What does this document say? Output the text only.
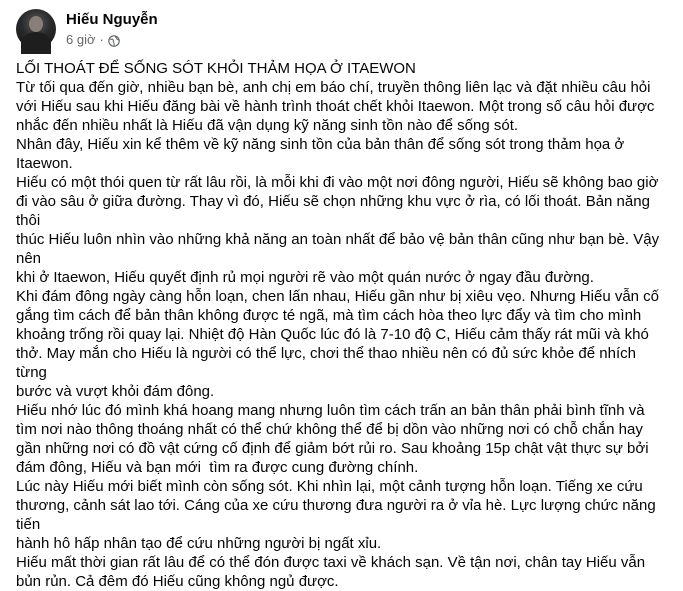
Hiếu Nguyễn
6 giờ ·

LỐI THOÁT ĐỂ SỐNG SÓT KHỎI THẢM HỌA Ở ITAEWON

Từ tối qua đến giờ, nhiều bạn bè, anh chị em báo chí, truyền thông liên lạc và đặt nhiều câu hỏi
với Hiếu sau khi Hiếu đăng bài về hành trình thoát chết khỏi Itaewon. Một trong số câu hỏi được
nhắc đến nhiều nhất là Hiếu đã vận dụng kỹ năng sinh tồn nào để sống sót.

Nhân đây, Hiếu xin kể thêm về kỹ năng sinh tồn của bản thân để sống sót trong thảm họa ở
Itaewon.

Hiếu có một thói quen từ rất lâu rồi, là mỗi khi đi vào một nơi đông người, Hiếu sẽ không bao giờ
đi vào sâu ở giữa đường. Thay vì đó, Hiếu sẽ chọn những khu vực ở rìa, có lối thoát. Bản năng thôi
thúc Hiếu luôn nhìn vào những khả năng an toàn nhất để bảo vệ bản thân cũng như bạn bè. Vậy nên
khi ở Itaewon, Hiếu quyết định rủ mọi người rẽ vào một quán nước ở ngay đầu đường.

Khi đám đông ngày càng hỗn loạn, chen lấn nhau, Hiếu gần như bị xiêu vẹo. Nhưng Hiếu vẫn cố
gắng tìm cách để bản thân không được té ngã, mà tìm cách hòa theo lực đẩy và tìm cho mình
khoảng trống rồi quay lại. Nhiệt độ Hàn Quốc lúc đó là 7-10 độ C, Hiếu cảm thấy rát mũi và khó
thở. May mắn cho Hiếu là người có thể lực, chơi thể thao nhiều nên có đủ sức khỏe để nhích từng
bước và vượt khỏi đám đông.

Hiếu nhớ lúc đó mình khá hoang mang nhưng luôn tìm cách trấn an bản thân phải bình tĩnh và
tìm nơi nào thông thoáng nhất có thể chứ không thể để bị dồn vào những nơi có chỗ chắn hay
gần những nơi có đồ vật cứng cố định để giảm bớt rủi ro. Sau khoảng 15p chật vật thực sự bởi
đám đông, Hiếu và bạn mới  tìm ra được cung đường chính.

Lúc này Hiếu mới biết mình còn sống sót. Khi nhìn lại, một cảnh tượng hỗn loạn. Tiếng xe cứu
thương, cảnh sát lao tới. Cáng của xe cứu thương đưa người ra ở vỉa hè. Lực lượng chức năng tiến
hành hô hấp nhân tạo để cứu những người bị ngất xỉu.

Hiếu mất thời gian rất lâu để có thể đón được taxi về khách sạn. Về tận nơi, chân tay Hiếu vẫn
bủn rủn. Cả đêm đó Hiếu cũng không ngủ được.
